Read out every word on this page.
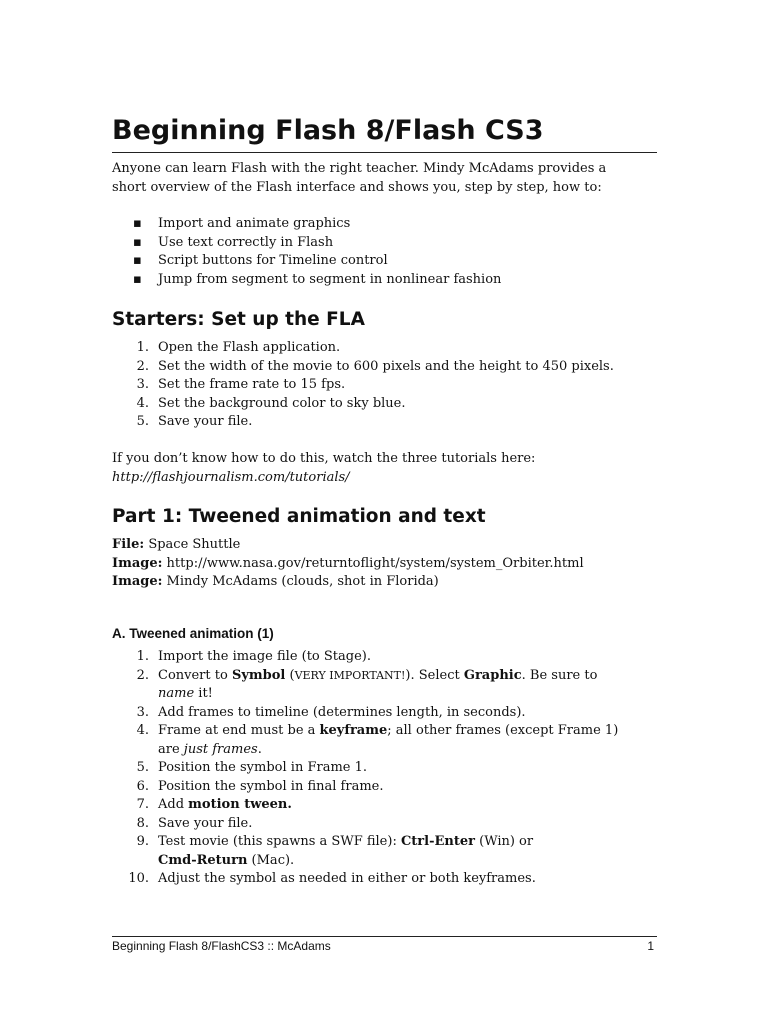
Beginning Flash 8/Flash CS3

Anyone can learn Flash with the right teacher. Mindy McAdams provides a

short overview of the Flash interface and shows you, step by step, how to:

▪ Import and animate graphics
▪ Use text correctly in Flash
▪ Script buttons for Timeline control
▪ Jump from segment to segment in nonlinear fashion
Starters: Set up the FLA
1. Open the Flash application.
2. Set the width of the movie to 600 pixels and the height to 450 pixels.
3. Set the frame rate to 15 fps.
4. Set the background color to sky blue.
5. Save your file.

If you don’t know how to do this, watch the three tutorials here:

http://flashjournalism.com/tutorials/

Part 1: Tweened animation and text

File: Space Shuttle

Image: http://www.nasa.gov/returntoflight/system/system_Orbiter.html

Image: Mindy McAdams (clouds, shot in Florida)

A. Tweened animation (1)
1. Import the image file (to Stage).
2. Convert to Symbol (VERY IMPORTANT!). Select Graphic. Be sure to
name it!
3. Add frames to timeline (determines length, in seconds).
4. Frame at end must be a keyframe; all other frames (except Frame 1)
are just frames.
5. Position the symbol in Frame 1.
6. Position the symbol in final frame.
7. Add motion tween.
8. Save your file.
9. Test movie (this spawns a SWF file): Ctrl-Enter (Win) or
Cmd-Return (Mac).
10. Adjust the symbol as needed in either or both keyframes.
Beginning Flash 8/FlashCS3 :: McAdams	1
